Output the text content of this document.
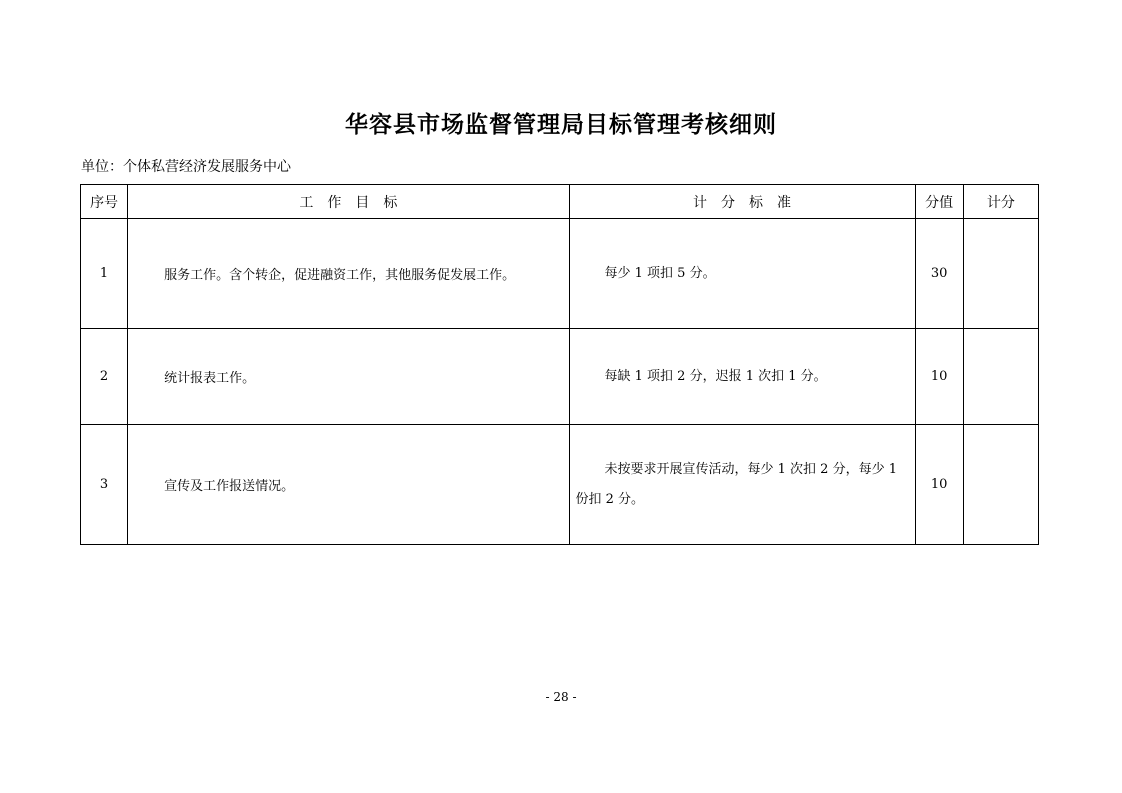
华容县市场监督管理局目标管理考核细则
单位：个体私营经济发展服务中心
序号	工　作　目　标	计　分　标　准	分值	计分
1	服务工作。含个转企，促进融资工作，其他服务促发展工作。	每少 1 项扣 5 分。	30	
2	统计报表工作。	每缺 1 项扣 2 分，迟报 1 次扣 1 分。	10	
3	宣传及工作报送情况。	未按要求开展宣传活动，每少 1 次扣 2 分，每少 1 份扣 2 分。	10	
- 28 -
